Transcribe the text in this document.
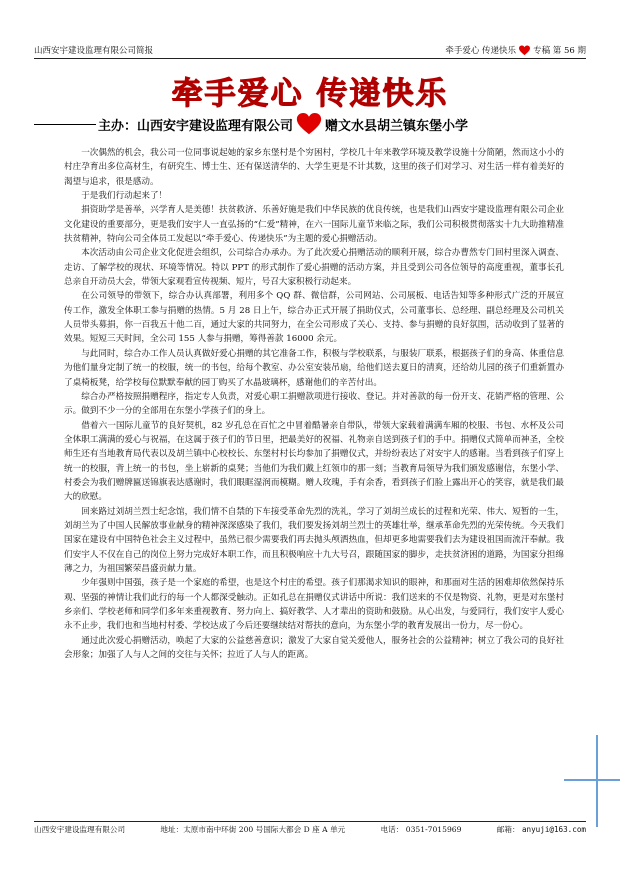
山西安宇建设监理有限公司简报	牵手爱心 传递快乐 专稿 第 56 期
牵手爱心 传递快乐
主办：山西安宇建设监理有限公司 赠文水县胡兰镇东堡小学

一次偶然的机会，我公司一位同事说起她的家乡东堡村是个穷困村，学校几十年来教学环境及教学设施十分简陋，然而这小小的村庄孕育出多位高材生，有研究生、博士生、还有保送清华的、大学生更是不计其数，这里的孩子们对学习、对生活一样有着美好的渴望与追求，很是感动。

于是我们行动起来了！

捐资助学是善举，兴学育人是美德！扶贫救济、乐善好施是我们中华民族的优良传统，也是我们山西安宇建设监理有限公司企业文化建设的重要部分，更是我们安宇人一直弘扬的“仁爱”精神，在六一国际儿童节来临之际，我们公司积极贯彻落实十九大助推精准扶贫精神，特向公司全体员工发起以“牵手爱心、传递快乐”为主题的爱心捐赠活动。

本次活动由公司企业文化促进会组织，公司综合办承办。为了此次爱心捐赠活动的顺利开展，综合办曹然专门回村里深入调查、走访、了解学校的现状、环境等情况。特以 PPT 的形式制作了爱心捐赠的活动方案，并且受到公司各位领导的高度重视，董事长孔总亲自开动员大会，带领大家观看宣传视频、短片，号召大家积极行动起来。

在公司领导的带领下，综合办认真部署，利用多个 QQ 群、微信群，公司网站、公司展板、电话告知等多种形式广泛的开展宣传工作，激发全体职工参与捐赠的热情。5 月 28 日上午，综合办正式开展了捐助仪式，公司董事长、总经理、副总经理及公司机关人员带头募捐，你一百我五十他二百，通过大家的共同努力，在全公司形成了关心、支持、参与捐赠的良好氛围，活动收到了显著的效果。短短三天时间，全公司 155 人参与捐赠，筹得善款 16000 余元。

与此同时，综合办工作人员认真做好爱心捐赠的其它准备工作，积极与学校联系，与服装厂联系，根据孩子们的身高、体重信息为他们量身定制了统一的校服，统一的书包，给每个教室、办公室安装吊扇，给他们送去夏日的清爽，还给幼儿园的孩子们重新置办了桌椅板凳，给学校每位默默奉献的园丁购买了水晶玻璃杯，感谢他们的辛苦付出。

综合办严格按照捐赠程序，指定专人负责，对爱心职工捐赠款项进行接收、登记。并对善款的每一份开支、花销严格的管理、公示。做到不少一分的全部用在东堡小学孩子们的身上。

借着六一国际儿童节的良好契机，82 岁孔总在百忙之中冒着酷暑亲自带队，带领大家载着满满车厢的校服、书包、水杯及公司全体职工满满的爱心与祝福，在这属于孩子们的节日里，把最美好的祝福、礼物亲自送到孩子们的手中。捐赠仪式简单而神圣，全校师生还有当地教育局代表以及胡兰镇中心校校长、东堡村村长均参加了捐赠仪式，并纷纷表达了对安宇人的感谢。当看到孩子们穿上统一的校服，背上统一的书包，坐上崭新的桌凳；当他们为我们戴上红领巾的那一刻；当教育局领导为我们颁发感谢信，东堡小学、村委会为我们赠牌匾送锦旗表达感谢时，我们眼眶湿润而模糊。赠人玫瑰，手有余香，看到孩子们脸上露出开心的笑容，就是我们最大的欣慰。

回来路过刘胡兰烈士纪念馆，我们情不自禁的下车接受革命先烈的洗礼，学习了刘胡兰成长的过程和光荣、伟大、短暂的一生，刘胡兰为了中国人民解放事业献身的精神深深感染了我们，我们要发扬刘胡兰烈士的英雄壮举，继承革命先烈的光荣传统。今天我们国家在建设有中国特色社会主义过程中，虽然已很少需要我们再去抛头颅洒热血，但却更多地需要我们去为建设祖国而流汗奉献。我们安宇人不仅在自己的岗位上努力完成好本职工作，而且积极响应十九大号召，跟随国家的脚步，走扶贫济困的道路，为国家分担绵薄之力，为祖国繁荣昌盛贡献力量。

少年强则中国强，孩子是一个家庭的希望，也是这个村庄的希望。孩子们那渴求知识的眼神，和那面对生活的困难却依然保持乐观、坚强的神情让我们此行的每一个人都深受触动。正如孔总在捐赠仪式讲话中所说：我们送来的不仅是物资、礼物，更是对东堡村乡亲们、学校老师和同学们多年来重视教育、努力向上、搞好教学、人才辈出的资助和鼓励。从心出发，与爱同行，我们安宇人爱心永不止步，我们也和当地村村委、学校达成了今后还要继续结对帮扶的意向，为东堡小学的教育发展出一份力，尽一份心。

通过此次爱心捐赠活动，唤起了大家的公益慈善意识；激发了大家自觉关爱他人，服务社会的公益精神；树立了我公司的良好社会形象；加强了人与人之间的交往与关怀；拉近了人与人的距离。

山西安宇建设监理有限公司	地址：太原市南中环街 200 号国际大都会 D 座 A 单元	电话： 0351-7015969	邮箱： anyuji@163.com
